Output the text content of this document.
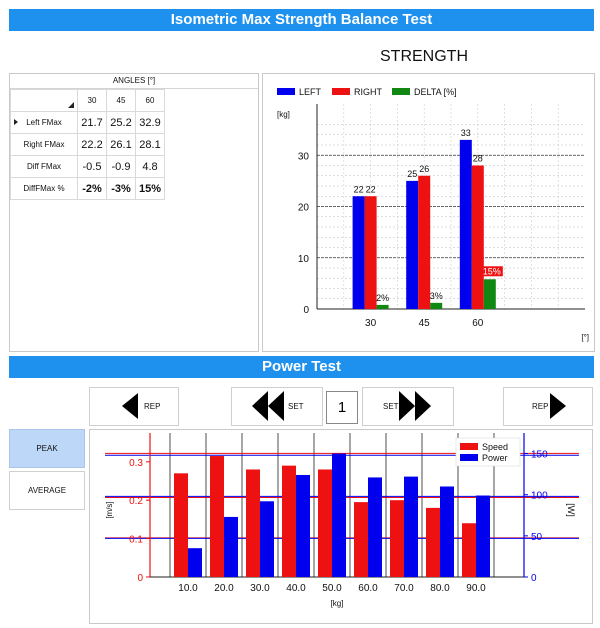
Isometric Max Strength Balance Test
STRENGTH
ANGLES [°]
	30	45	60

Left FMax	21.7	25.2	32.9
Right FMax	22.2	26.1	28.1
Diff FMax	-0.5	-0.9	4.8
DiffFMax %	-2%	-3%	15%
LEFT	RIGHT	DELTA [%]
[kg]
0
10
20
30
30
22 22
2%
45
25
26
3%
60
33
28
15%
[°]
Power Test
REP	SET	1	SET	REP
PEAK
AVERAGE
0
0.1
0.2
0.3
0
50
100
150
[m/s]	[W]
10.0 20.0 30.0 40.0 50.0 60.0 70.0 80.0 90.0
[kg]
Speed
Power
